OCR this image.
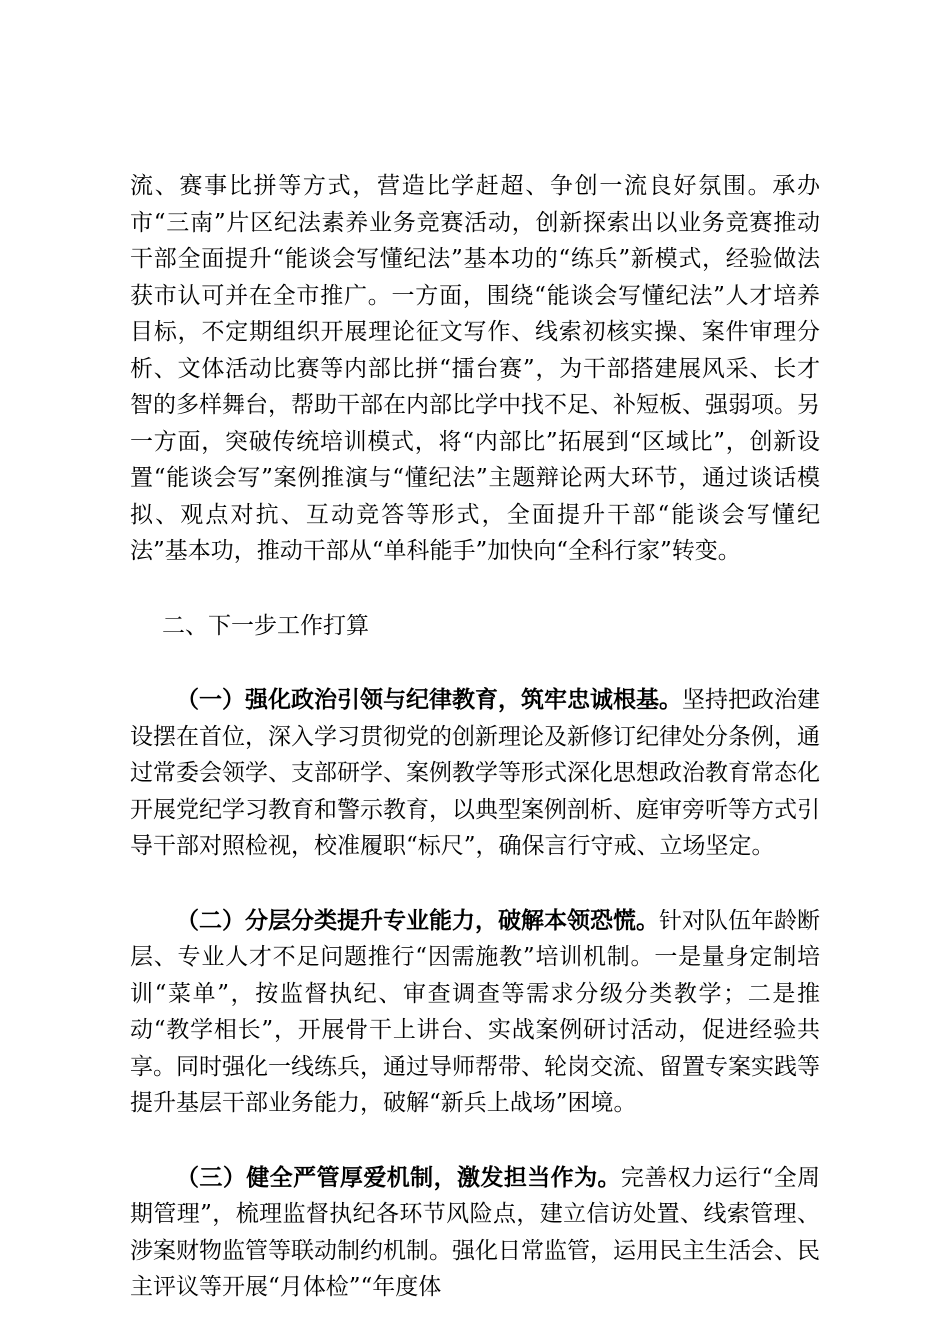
流、赛事比拼等方式，营造比学赶超、争创一流良好氛围。承办市“三南”片区纪法素养业务竞赛活动，创新探索出以业务竞赛推动干部全面提升“能谈会写懂纪法”基本功的“练兵”新模式，经验做法获市认可并在全市推广。一方面，围绕“能谈会写懂纪法”人才培养目标，不定期组织开展理论征文写作、线索初核实操、案件审理分析、文体活动比赛等内部比拼“擂台赛”，为干部搭建展风采、长才智的多样舞台，帮助干部在内部比学中找不足、补短板、强弱项。另一方面，突破传统培训模式，将“内部比”拓展到“区域比”，创新设置“能谈会写”案例推演与“懂纪法”主题辩论两大环节，通过谈话模拟、观点对抗、互动竞答等形式，全面提升干部“能谈会写懂纪法”基本功，推动干部从“单科能手”加快向“全科行家”转变。

二、下一步工作打算

（一）强化政治引领与纪律教育，筑牢忠诚根基。坚持把政治建设摆在首位，深入学习贯彻党的创新理论及新修订纪律处分条例，通过常委会领学、支部研学、案例教学等形式深化思想政治教育常态化开展党纪学习教育和警示教育，以典型案例剖析、庭审旁听等方式引导干部对照检视，校准履职“标尺”，确保言行守戒、立场坚定。

（二）分层分类提升专业能力，破解本领恐慌。针对队伍年龄断层、专业人才不足问题推行“因需施教”培训机制。一是量身定制培训“菜单”，按监督执纪、审查调查等需求分级分类教学；二是推动“教学相长”，开展骨干上讲台、实战案例研讨活动，促进经验共享。同时强化一线练兵，通过导师帮带、轮岗交流、留置专案实践等提升基层干部业务能力，破解“新兵上战场”困境。

（三）健全严管厚爱机制，激发担当作为。完善权力运行“全周期管理”，梳理监督执纪各环节风险点，建立信访处置、线索管理、涉案财物监管等联动制约机制。强化日常监管，运用民主生活会、民主评议等开展“月体检”“年度体
